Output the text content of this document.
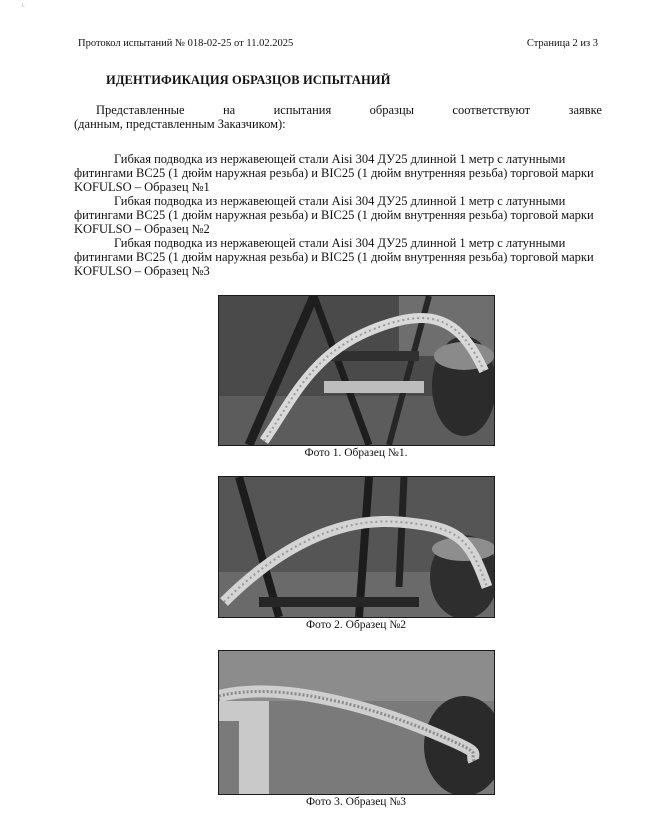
ᴸ
Протокол испытаний № 018-02-25 от 11.02.2025	Страница 2 из 3
ИДЕНТИФИКАЦИЯ ОБРАЗЦОВ ИСПЫТАНИЙ
Представленные	на	испытания	образцы	соответствуют	заявке
(данным, представленным Заказчиком):

Гибкая подводка из нержавеющей стали Aisi 304 ДУ25 длинной 1 метр с латунными фитингами ВС25 (1 дюйм наружная резьба) и ВIC25 (1 дюйм внутренняя резьба) торговой марки KOFULSO – Образец №1

Гибкая подводка из нержавеющей стали Aisi 304 ДУ25 длинной 1 метр с латунными фитингами ВС25 (1 дюйм наружная резьба) и ВIC25 (1 дюйм внутренняя резьба) торговой марки KOFULSO – Образец №2

Гибкая подводка из нержавеющей стали Aisi 304 ДУ25 длинной 1 метр с латунными фитингами ВС25 (1 дюйм наружная резьба) и ВIC25 (1 дюйм внутренняя резьба) торговой марки KOFULSO – Образец №3

Фото 1. Образец №1.
Фото 2. Образец №2
Фото 3. Образец №3
